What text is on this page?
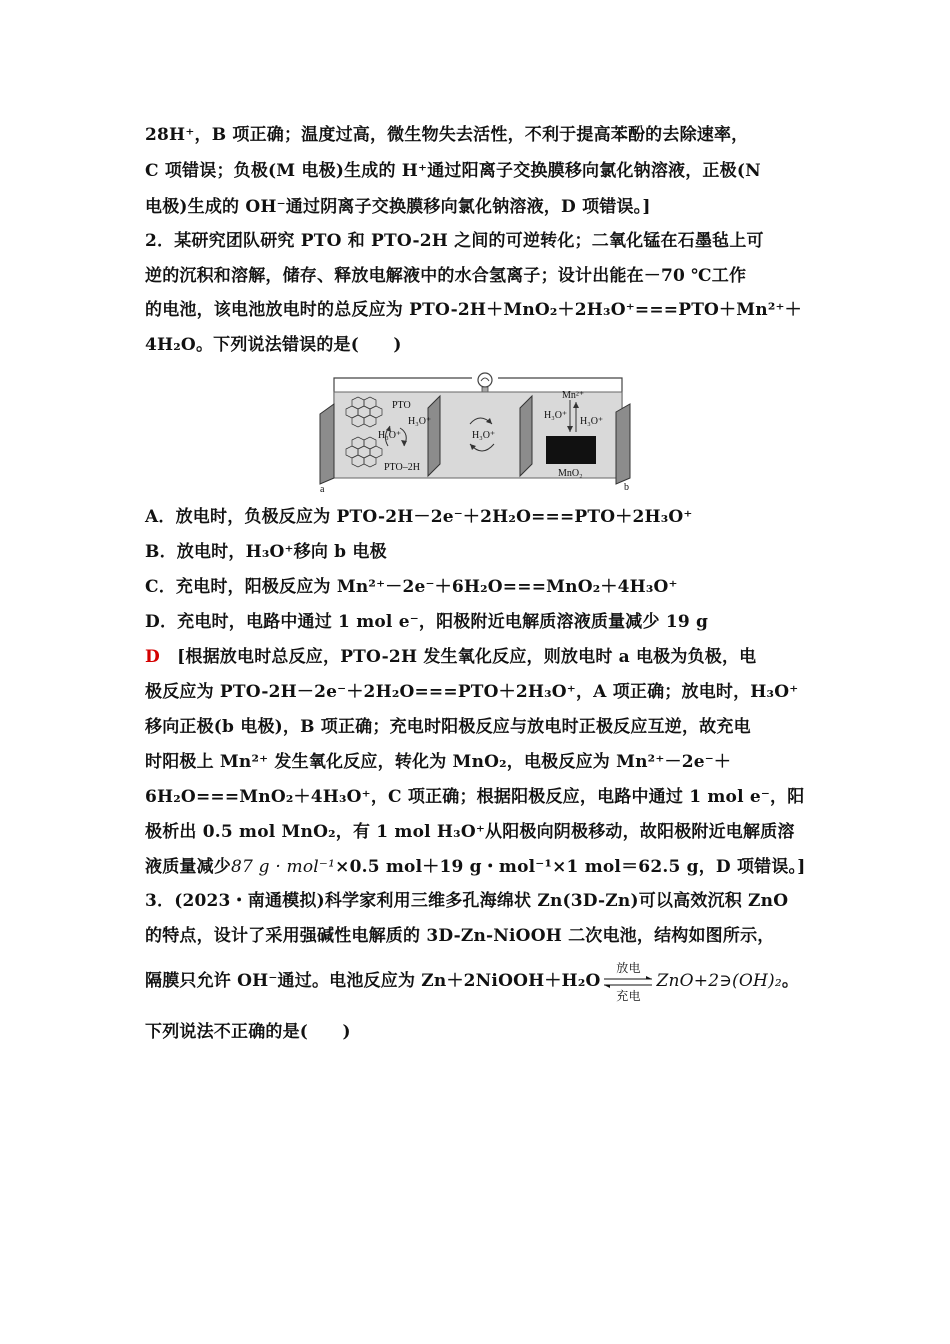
28H⁺，B 项正确；温度过高，微生物失去活性，不利于提高苯酚的去除速率，
C 项错误；负极(M 电极)生成的 H⁺通过阳离子交换膜移向氯化钠溶液，正极(N
电极)生成的 OH⁻通过阴离子交换膜移向氯化钠溶液，D 项错误。]
2．某研究团队研究 PTO 和 PTO-2H 之间的可逆转化；二氧化锰在石墨毡上可
逆的沉积和溶解，储存、释放电解液中的水合氢离子；设计出能在－70 ℃工作
的电池，该电池放电时的总反应为 PTO-2H＋MnO₂＋2H₃O⁺===PTO＋Mn²⁺＋
4H₂O。下列说法错误的是(　　)
PTO
H₃O⁺
H₃O⁺
PTO–2H
H₃O⁺
Mn²⁺
H₃O⁺
H₃O⁺
MnO₂
a	b
A．放电时，负极反应为 PTO-2H－2e⁻＋2H₂O===PTO＋2H₃O⁺
B．放电时，H₃O⁺移向 b 电极
C．充电时，阳极反应为 Mn²⁺－2e⁻＋6H₂O===MnO₂＋4H₃O⁺
D．充电时，电路中通过 1 mol e⁻，阳极附近电解质溶液质量减少 19 g
D　 [根据放电时总反应，PTO-2H 发生氧化反应，则放电时 a 电极为负极，电
极反应为 PTO-2H－2e⁻＋2H₂O===PTO＋2H₃O⁺，A 项正确；放电时，H₃O⁺
移向正极(b 电极)，B 项正确；充电时阳极反应与放电时正极反应互逆，故充电
时阳极上 Mn²⁺ 发生氧化反应，转化为 MnO₂，电极反应为 Mn²⁺－2e⁻＋
6H₂O===MnO₂＋4H₃O⁺，C 项正确；根据阳极反应，电路中通过 1 mol e⁻，阳
极析出 0.5 mol MnO₂，有 1 mol H₃O⁺从阳极向阴极移动，故阳极附近电解质溶
液质量减少87 g · mol⁻¹×0.5 mol＋19 g・mol⁻¹×1 mol＝62.5 g，D 项错误。]
3．(2023・南通模拟)科学家利用三维多孔海绵状 Zn(3D-Zn)可以高效沉积 ZnO
的特点，设计了采用强碱性电解质的 3D-Zn-NiOOH 二次电池，结构如图所示，
隔膜只允许 OH⁻通过。电池反应为 Zn＋2NiOOH＋H₂O
放电
充电
ZnO+2∋(OH)₂。
下列说法不正确的是(　　)
